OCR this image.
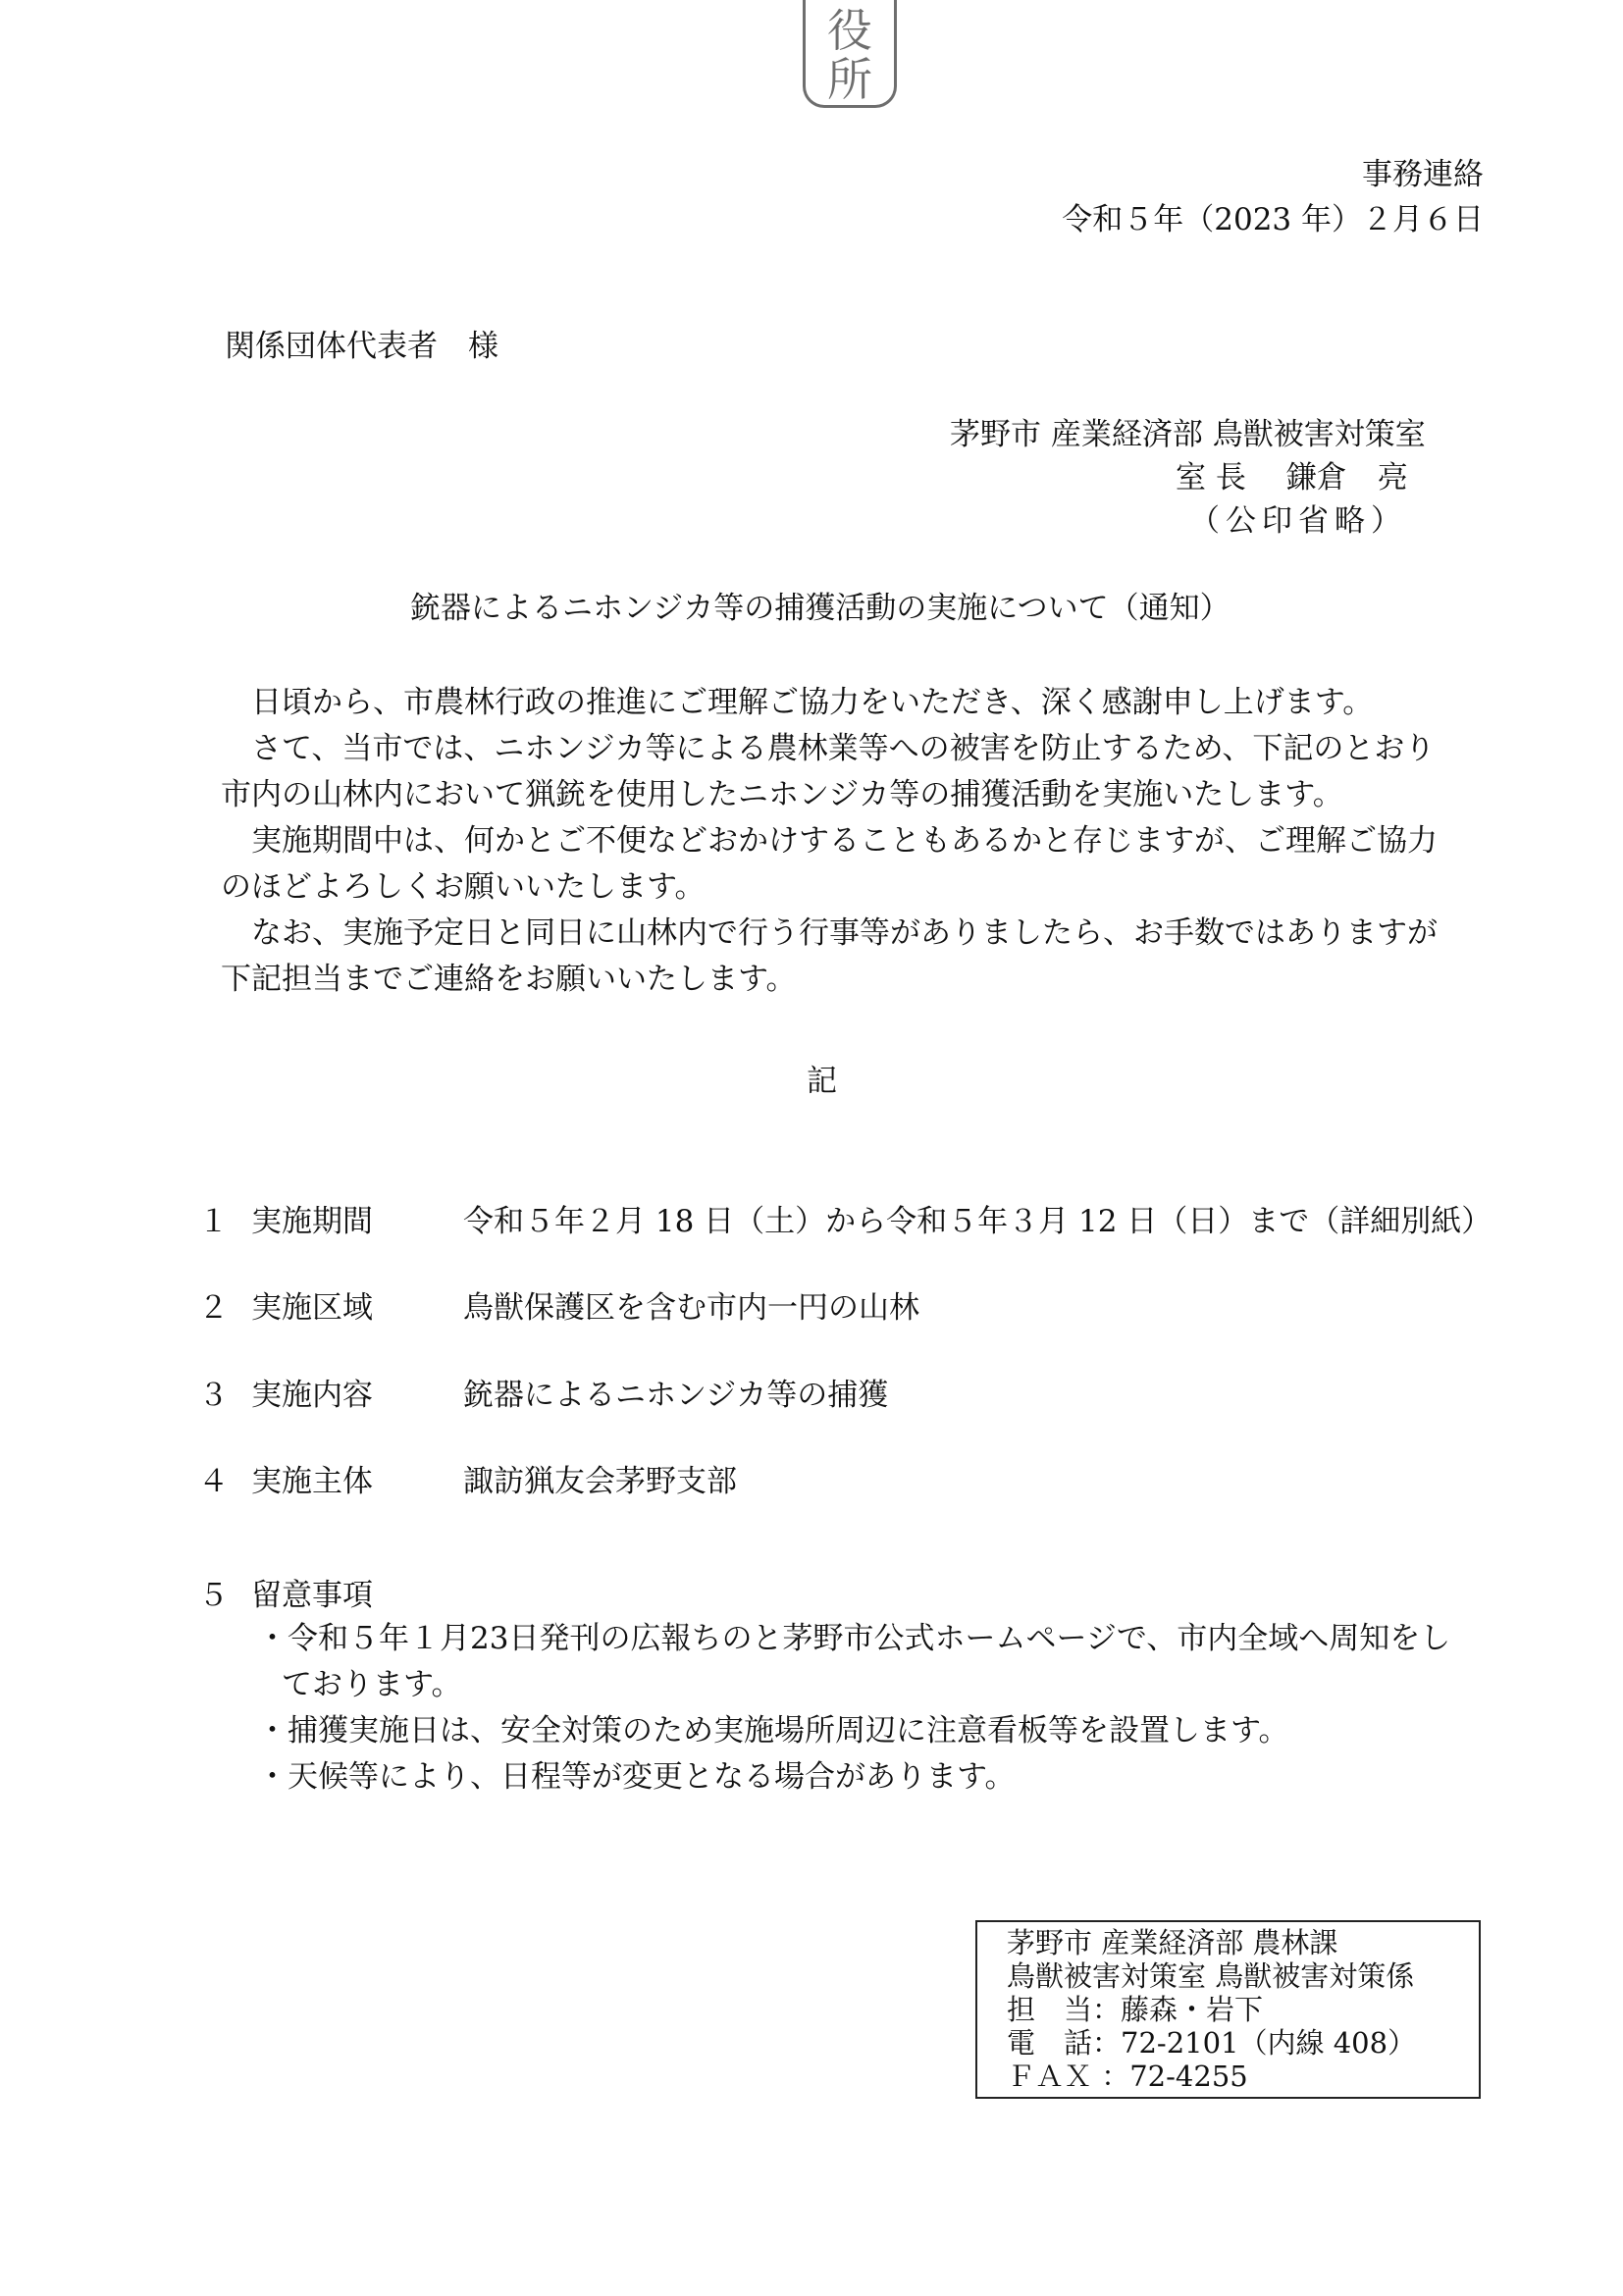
役
所
事務連絡
令和５年（2023 年）２月６日
関係団体代表者　様
茅野市 産業経済部 鳥獣被害対策室
室 長　 鎌倉　亮
（公印省略）
銃器によるニホンジカ等の捕獲活動の実施について（通知）

日頃から、市農林行政の推進にご理解ご協力をいただき、深く感謝申し上げます。

さて、当市では、ニホンジカ等による農林業等への被害を防止するため、下記のとおり市内の山林内において猟銃を使用したニホンジカ等の捕獲活動を実施いたします。

実施期間中は、何かとご不便などおかけすることもあるかと存じますが、ご理解ご協力のほどよろしくお願いいたします。

なお、実施予定日と同日に山林内で行う行事等がありましたら、お手数ではありますが下記担当までご連絡をお願いいたします。

記
１ 実施期間	令和５年２月 18 日（土）から令和５年３月 12 日（日）まで（詳細別紙）
２ 実施区域	鳥獣保護区を含む市内一円の山林
３ 実施内容	銃器によるニホンジカ等の捕獲
４ 実施主体	諏訪猟友会茅野支部
５ 留意事項
・令和５年１月23日発刊の広報ちのと茅野市公式ホームページで、市内全域へ周知をしております。
・捕獲実施日は、安全対策のため実施場所周辺に注意看板等を設置します。
・天候等により、日程等が変更となる場合があります。
茅野市 産業経済部 農林課
鳥獣被害対策室 鳥獣被害対策係
担　当：藤森・岩下
電　話：72-2101（内線 408）
ＦＡＸ ：72-4255
